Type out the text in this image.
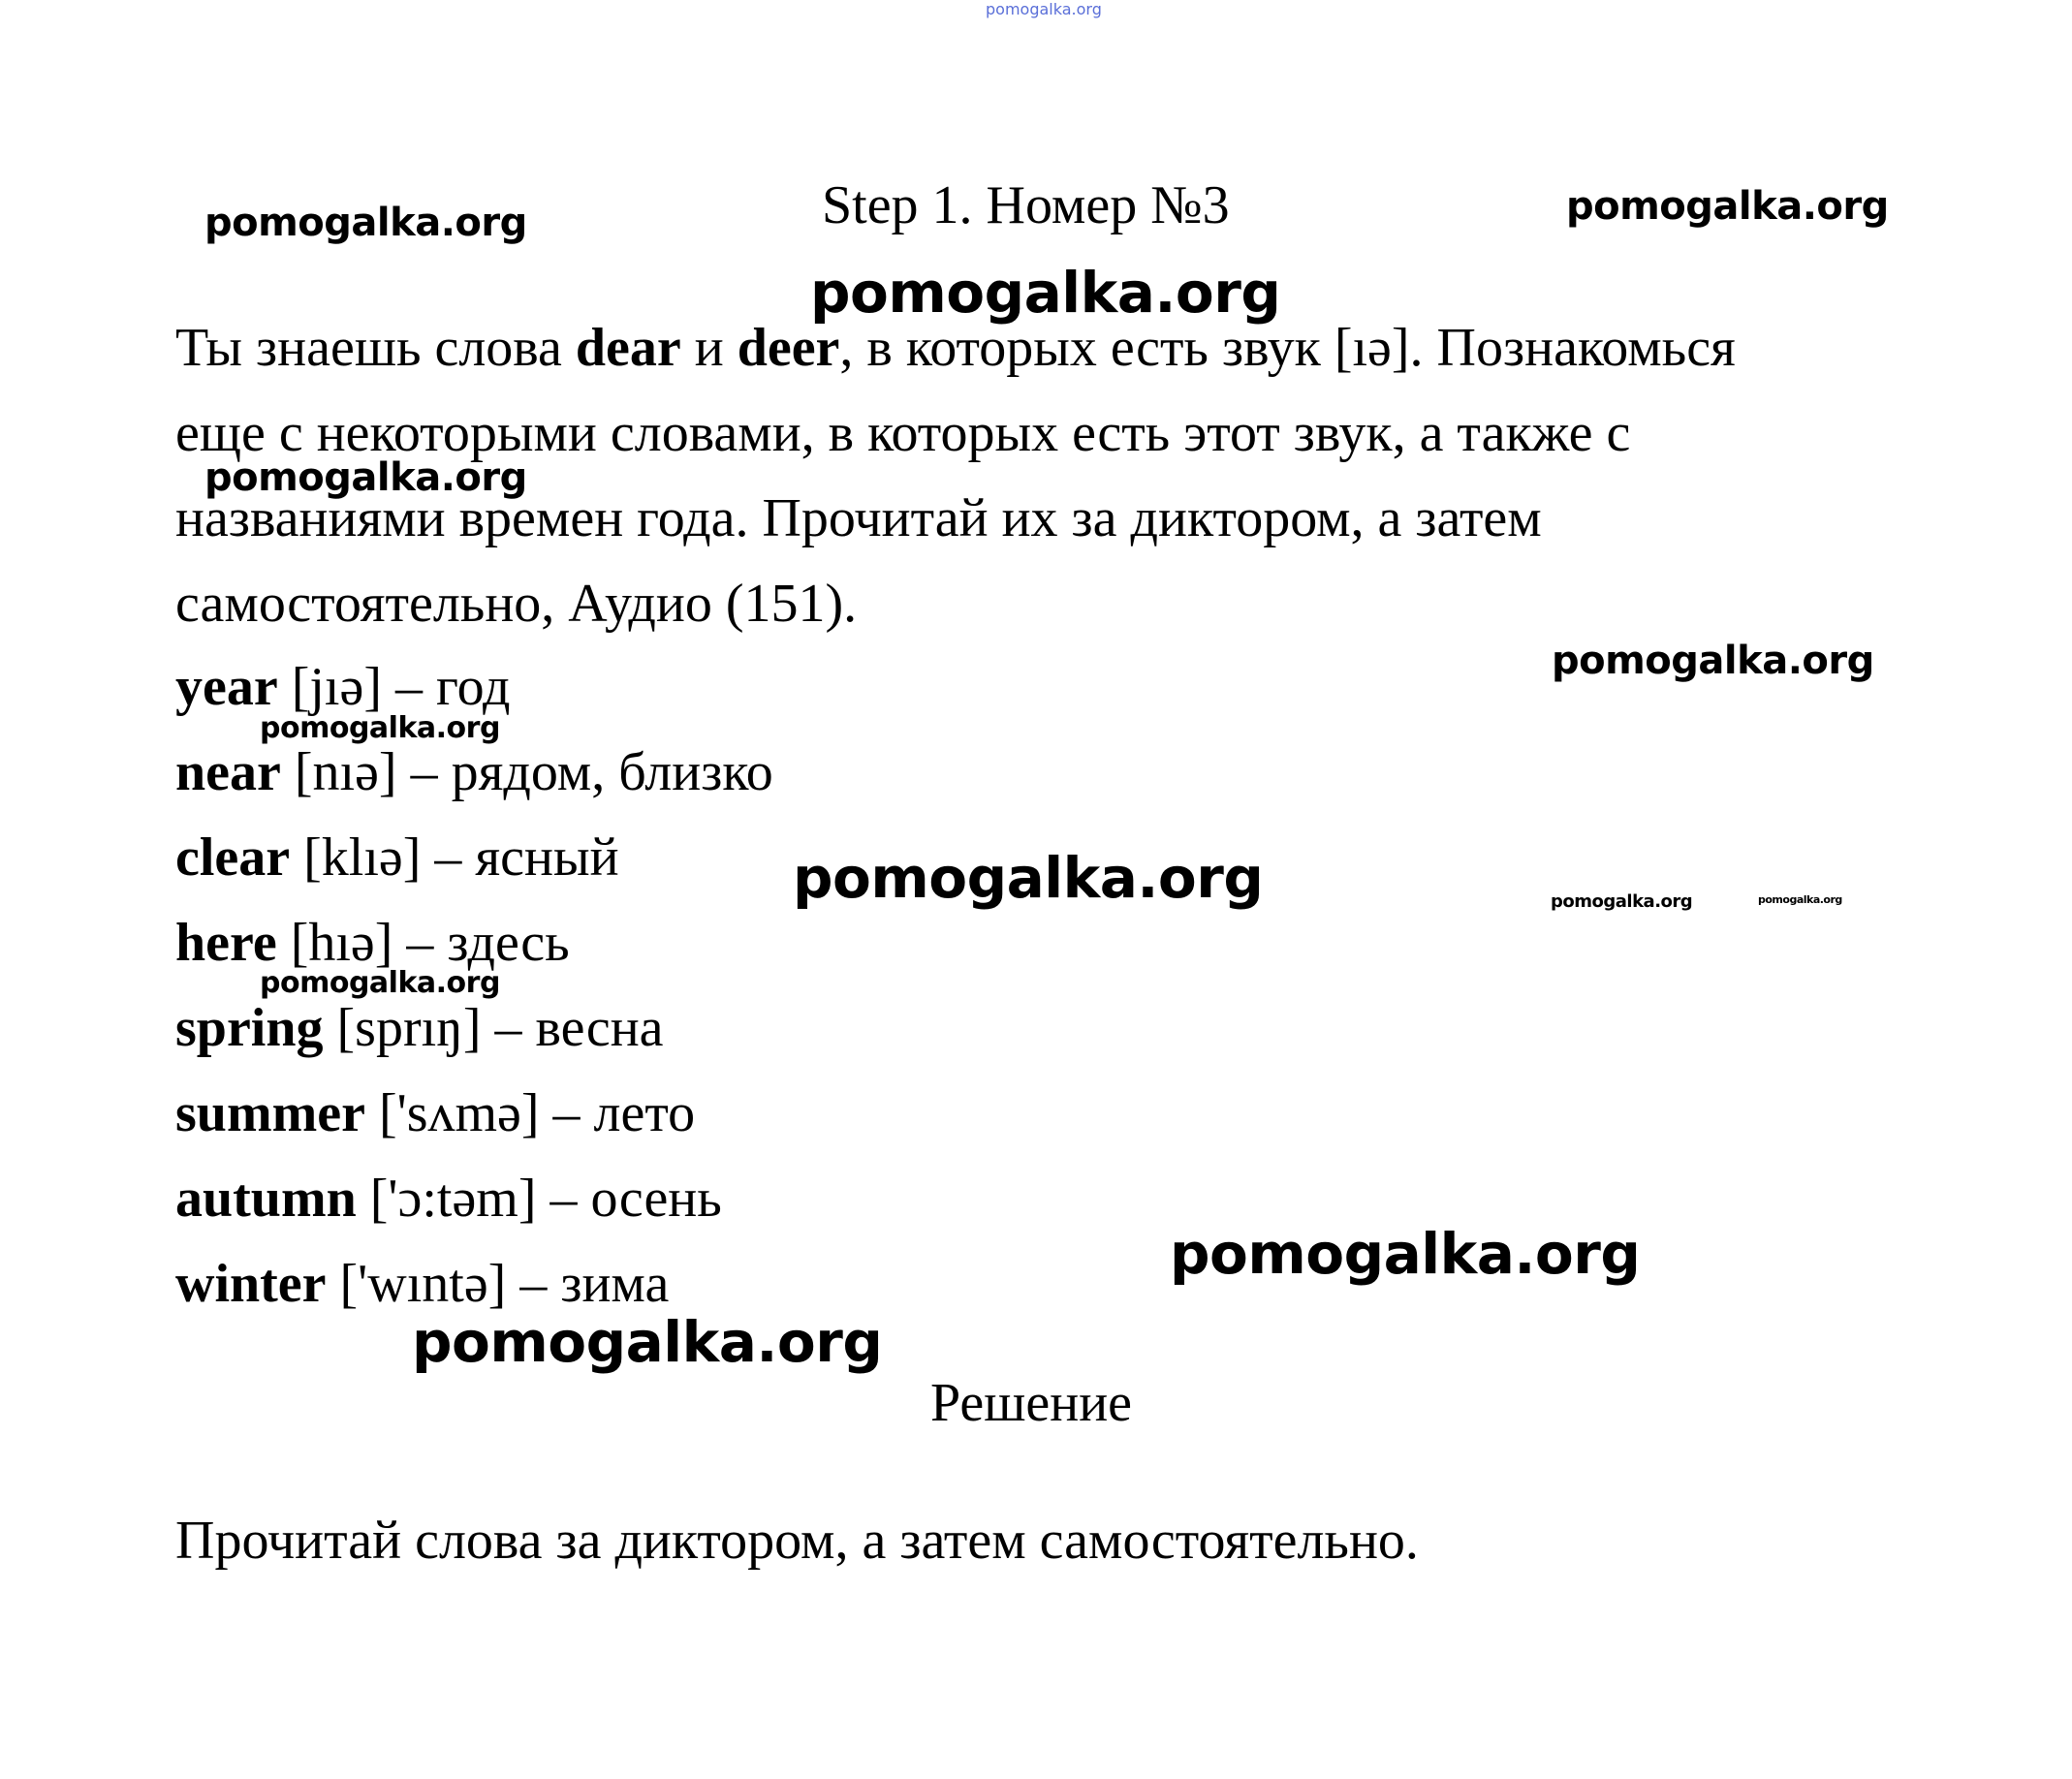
pomogalka.org
Step 1. Номер №3

Ты знаешь слова dear и deer, в которых есть звук [ıə]. Познакомься

еще с некоторыми словами, в которых есть этот звук, а также с

названиями времен года. Прочитай их за диктором, а затем

самостоятельно, Аудио (151).

year [jıə] – год
near [nıə] – рядом, близко
clear [klıə] – ясный
here [hıə] – здесь
spring [sprıŋ] – весна
summer ['sʌmə] – лето
autumn ['ɔ:təm] – осень
winter ['wıntə] – зима
Решение
Прочитай слова за диктором, а затем самостоятельно.
pomogalka.org	pomogalka.org
pomogalka.org
pomogalka.org
pomogalka.org
pomogalka.org
pomogalka.org	pomogalka.org	pomogalka.org
pomogalka.org
pomogalka.org
pomogalka.org
